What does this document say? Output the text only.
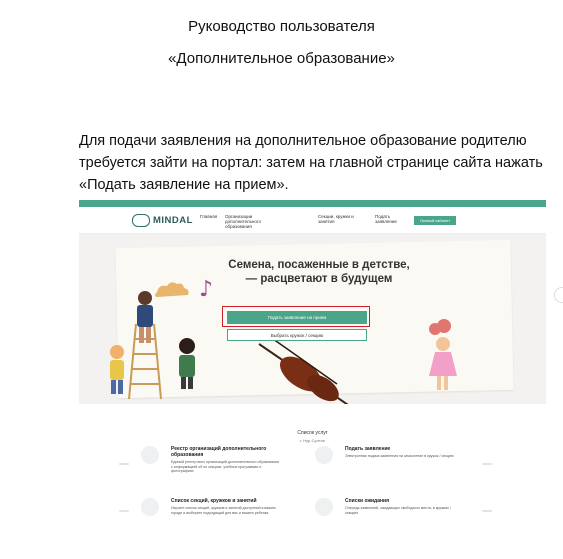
Руководство пользователя
«Дополнительное образование»
Для подачи заявления на дополнительное образование родителю
требуется зайти на портал: затем на главной странице сайта нажать
«Подать заявление на прием».
MINDAL Главная	Организации дополнительного образования
Секции, кружки и занятия
Подать заявление	Личный кабинет
♪
Семена, посаженные в детстве,
— расцветают в будущем
Подать заявление на прием
Выбрать кружок / секцию
Список услуг
г. Нур-Султан
Реестр организаций дополнительного образования
Единый реестр всех организаций дополнительного образования с информацией об их секциях, учебных программах и фотографиях
Подать заявление
Электронная подача заявления на зачисление в кружок / секцию
Список секций, кружков и занятий
Изучите список секций, кружков и занятий доступный в вашем городе и выберите подходящий для вас и вашего ребенка
Списки ожидания
Очередь заявлений, ожидающих свободного места, в кружках / секциях
